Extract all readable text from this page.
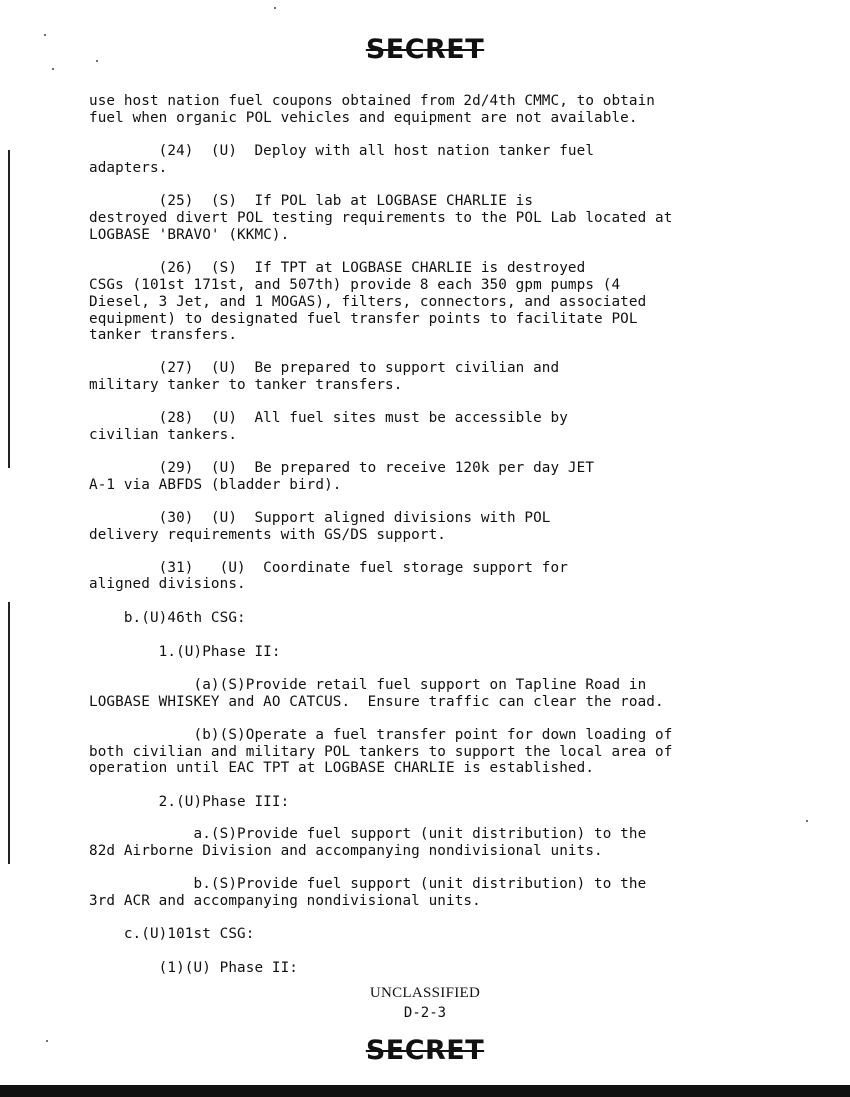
SECRET
use host nation fuel coupons obtained from 2d/4th CMMC, to obtain
fuel when organic POL vehicles and equipment are not available.
(24)  (U)  Deploy with all host nation tanker fuel
adapters.
(25)  (S)  If POL lab at LOGBASE CHARLIE is
destroyed divert POL testing requirements to the POL Lab located at
LOGBASE 'BRAVO' (KKMC).
(26)  (S)  If TPT at LOGBASE CHARLIE is destroyed
CSGs (101st 171st, and 507th) provide 8 each 350 gpm pumps (4
Diesel, 3 Jet, and 1 MOGAS), filters, connectors, and associated
equipment) to designated fuel transfer points to facilitate POL
tanker transfers.
(27)  (U)  Be prepared to support civilian and
military tanker to tanker transfers.
(28)  (U)  All fuel sites must be accessible by
civilian tankers.
(29)  (U)  Be prepared to receive 120k per day JET
A-1 via ABFDS (bladder bird).
(30)  (U)  Support aligned divisions with POL
delivery requirements with GS/DS support.
(31)   (U)  Coordinate fuel storage support for
aligned divisions.
b.(U)46th CSG:
1.(U)Phase II:
(a)(S)Provide retail fuel support on Tapline Road in
LOGBASE WHISKEY and AO CATCUS.  Ensure traffic can clear the road.
(b)(S)Operate a fuel transfer point for down loading of
both civilian and military POL tankers to support the local area of
operation until EAC TPT at LOGBASE CHARLIE is established.
2.(U)Phase III:
a.(S)Provide fuel support (unit distribution) to the
82d Airborne Division and accompanying nondivisional units.
b.(S)Provide fuel support (unit distribution) to the
3rd ACR and accompanying nondivisional units.
c.(U)101st CSG:
(1)(U) Phase II:
UNCLASSIFIED
D-2-3
SECRET
